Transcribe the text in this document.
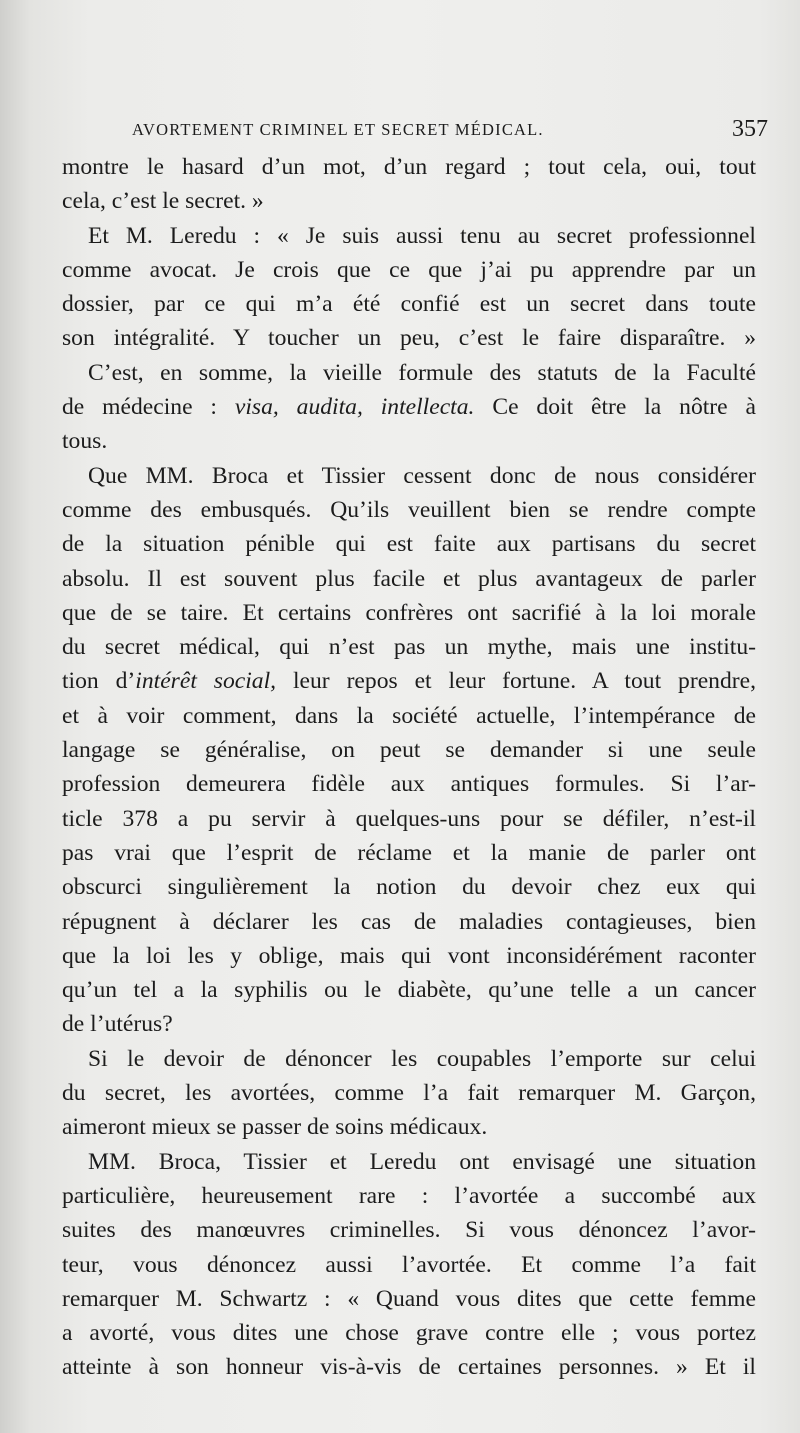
AVORTEMENT CRIMINEL ET SECRET MÉDICAL.	357
montre le hasard d’un mot, d’un regard ; tout cela, oui, tout
cela, c’est le secret. »
Et M. Leredu : « Je suis aussi tenu au secret professionnel
comme avocat. Je crois que ce que j’ai pu apprendre par un
dossier, par ce qui m’a été confié est un secret dans toute
son intégralité. Y toucher un peu, c’est le faire disparaître. »
C’est, en somme, la vieille formule des statuts de la Faculté
de médecine : visa, audita, intellecta. Ce doit être la nôtre à
tous.
Que MM. Broca et Tissier cessent donc de nous considérer
comme des embusqués. Qu’ils veuillent bien se rendre compte
de la situation pénible qui est faite aux partisans du secret
absolu. Il est souvent plus facile et plus avantageux de parler
que de se taire. Et certains confrères ont sacrifié à la loi morale
du secret médical, qui n’est pas un mythe, mais une institu-
tion d’intérêt social, leur repos et leur fortune. A tout prendre,
et à voir comment, dans la société actuelle, l’intempérance de
langage se généralise, on peut se demander si une seule
profession demeurera fidèle aux antiques formules. Si l’ar-
ticle 378 a pu servir à quelques-uns pour se défiler, n’est-il
pas vrai que l’esprit de réclame et la manie de parler ont
obscurci singulièrement la notion du devoir chez eux qui
répugnent à déclarer les cas de maladies contagieuses, bien
que la loi les y oblige, mais qui vont inconsidérément raconter
qu’un tel a la syphilis ou le diabète, qu’une telle a un cancer
de l’utérus?
Si le devoir de dénoncer les coupables l’emporte sur celui
du secret, les avortées, comme l’a fait remarquer M. Garçon,
aimeront mieux se passer de soins médicaux.
MM. Broca, Tissier et Leredu ont envisagé une situation
particulière, heureusement rare : l’avortée a succombé aux
suites des manœuvres criminelles. Si vous dénoncez l’avor-
teur, vous dénoncez aussi l’avortée. Et comme l’a fait
remarquer M. Schwartz : « Quand vous dites que cette femme
a avorté, vous dites une chose grave contre elle ; vous portez
atteinte à son honneur vis-à-vis de certaines personnes. » Et il
